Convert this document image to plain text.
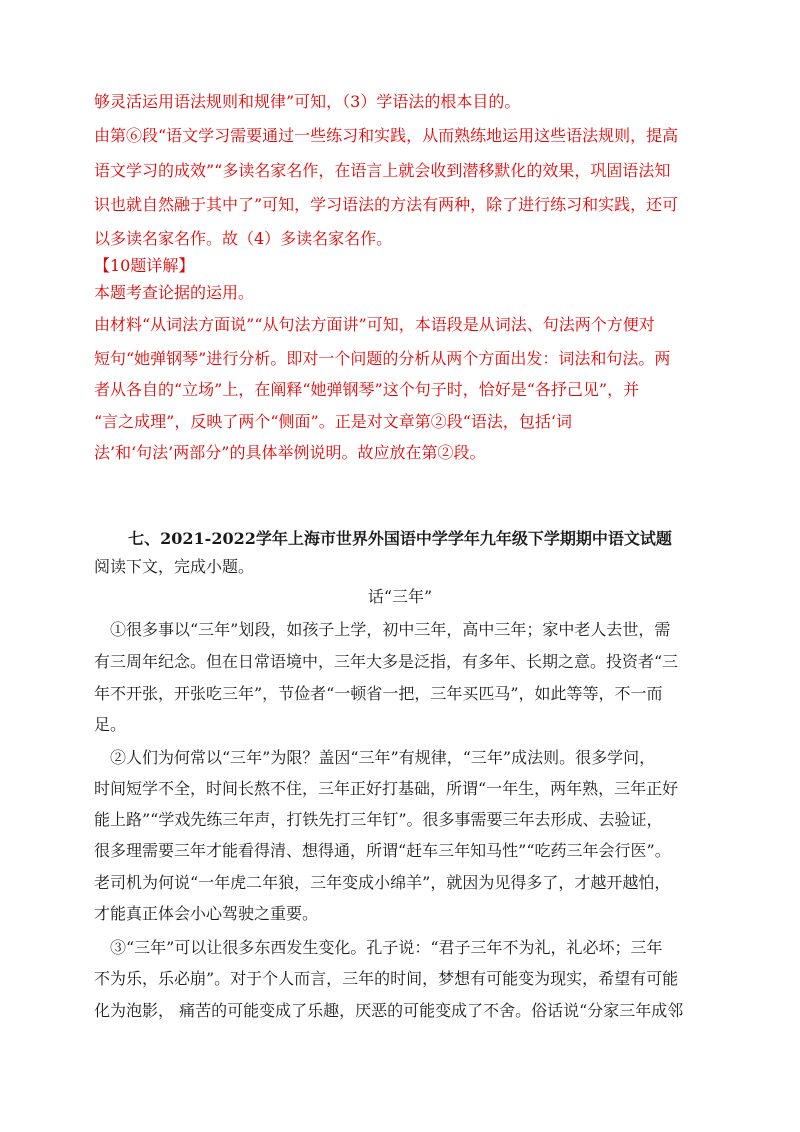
够灵活运用语法规则和规律”可知，（3）学语法的根本目的。
由第⑥段“语文学习需要通过一些练习和实践，从而熟练地运用这些语法规则，提高
语文学习的成效”“多读名家名作，在语言上就会收到潜移默化的效果，巩固语法知
识也就自然融于其中了”可知，学习语法的方法有两种，除了进行练习和实践，还可
以多读名家名作。故（4）多读名家名作。
【10题详解】
本题考查论据的运用。
由材料“从词法方面说”“从句法方面讲”可知，本语段是从词法、句法两个方便对
短句“她弹钢琴”进行分析。即对一个问题的分析从两个方面出发：词法和句法。两
者从各自的“立场”上，在阐释“她弹钢琴”这个句子时，恰好是“各抒己见”，并
“言之成理”，反映了两个“侧面”。正是对文章第②段“语法，包括‘词
法’和‘句法’两部分”的具体举例说明。故应放在第②段。
七、2021-2022学年上海市世界外国语中学学年九年级下学期期中语文试题
阅读下文，完成小题。
话“三年”
①很多事以“三年”划段，如孩子上学，初中三年，高中三年；家中老人去世，需
有三周年纪念。但在日常语境中，三年大多是泛指，有多年、长期之意。投资者“三
年不开张，开张吃三年”，节俭者“一顿省一把，三年买匹马”，如此等等，不一而
足。
②人们为何常以“三年”为限？盖因“三年”有规律，“三年”成法则。很多学问，
时间短学不全，时间长熬不住，三年正好打基础，所谓“一年生，两年熟，三年正好
能上路”“学戏先练三年声，打铁先打三年钉”。很多事需要三年去形成、去验证，
很多理需要三年才能看得清、想得通，所谓“赶车三年知马性”“吃药三年会行医”。
老司机为何说“一年虎二年狼，三年变成小绵羊”，就因为见得多了，才越开越怕，
才能真正体会小心驾驶之重要。
③“三年”可以让很多东西发生变化。孔子说：“君子三年不为礼，礼必坏；三年
不为乐，乐必崩”。对于个人而言，三年的时间，梦想有可能变为现实，希望有可能
化为泡影， 痛苦的可能变成了乐趣，厌恶的可能变成了不舍。俗话说“分家三年成邻
